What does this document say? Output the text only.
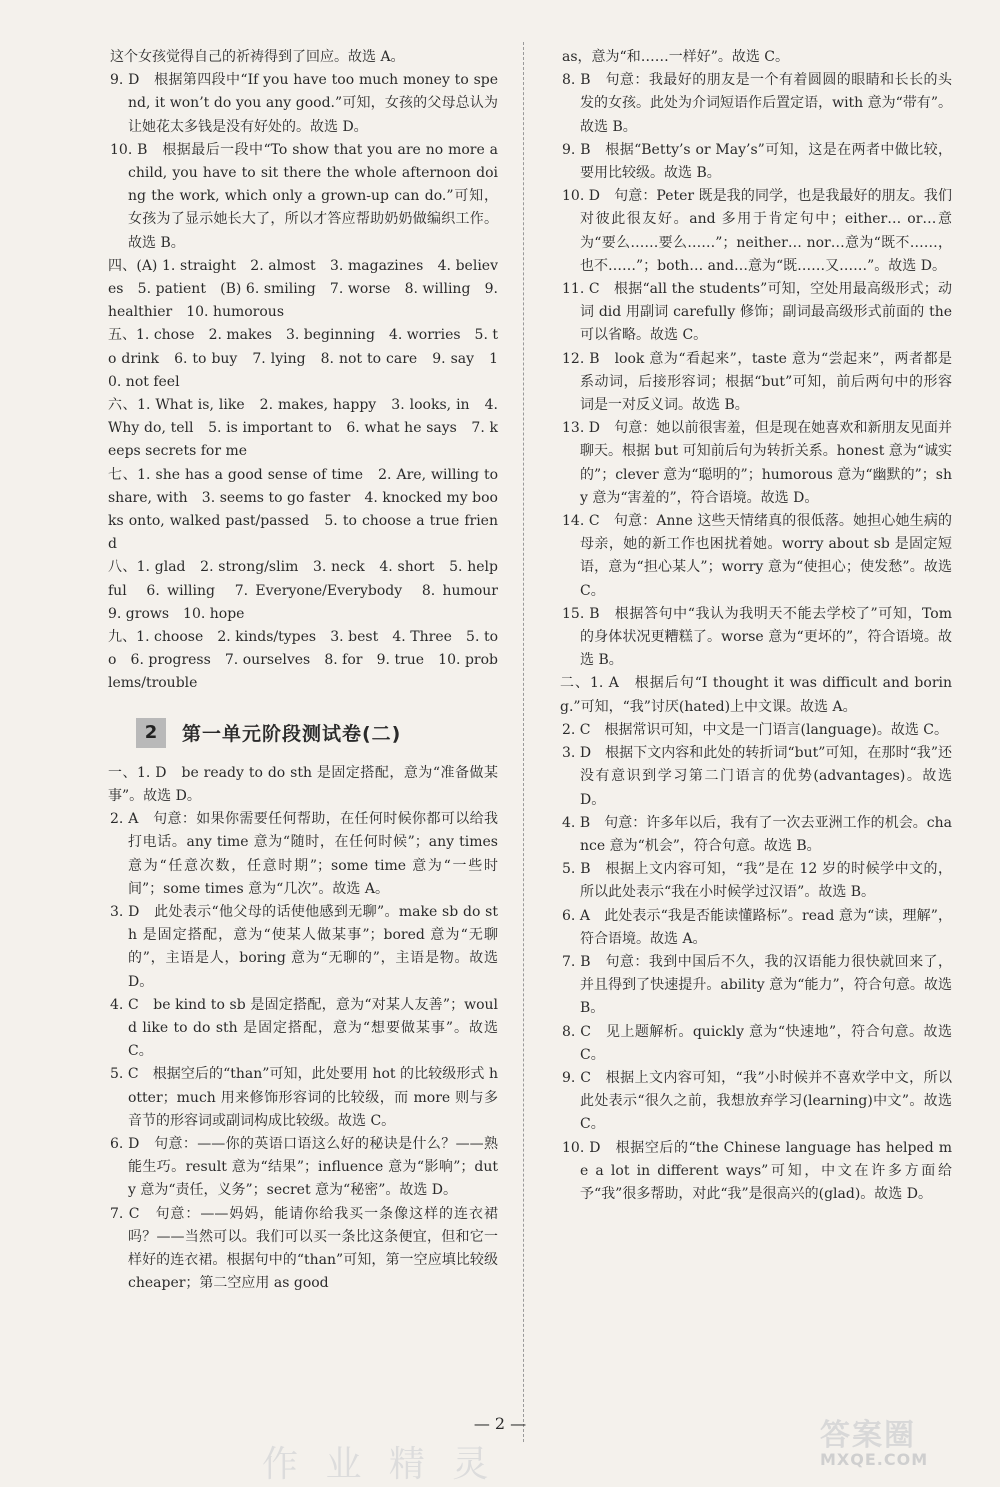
这个女孩觉得自己的祈祷得到了回应。故选 A。

9. D　根据第四段中“If you have too much money to spend, it won’t do you any good.”可知，女孩的父母总认为让她花太多钱是没有好处的。故选 D。

10. B　根据最后一段中“To show that you are no more a child, you have to sit there the whole afternoon doing the work, which only a grown-up can do.”可知，女孩为了显示她长大了，所以才答应帮助奶奶做编织工作。故选 B。

四、(A) 1. straight　2. almost　3. magazines　4. believes　5. patient　(B) 6. smiling　7. worse　8. willing　9. healthier　10. humorous

五、1. chose　2. makes　3. beginning　4. worries　5. to drink　6. to buy　7. lying　8. not to care　9. say　10. not feel

六、1. What is, like　2. makes, happy　3. looks, in　4. Why do, tell　5. is important to　6. what he says　7. keeps secrets for me

七、1. she has a good sense of time　2. Are, willing to share, with　3. seems to go faster　4. knocked my books onto, walked past/passed　5. to choose a true friend

八、1. glad　2. strong/slim　3. neck　4. short　5. helpful　6. willing　7. Everyone/Everybody　8. humour　9. grows　10. hope

九、1. choose　2. kinds/types　3. best　4. Three　5. too　6. progress　7. ourselves　8. for　9. true　10. problems/trouble

2	第一单元阶段测试卷(二)

一、1. D　be ready to do sth 是固定搭配，意为“准备做某事”。故选 D。

2. A　句意：如果你需要任何帮助，在任何时候你都可以给我打电话。any time 意为“随时，在任何时候”；any times 意为“任意次数，任意时期”；some time 意为“一些时间”；some times 意为“几次”。故选 A。

3. D　此处表示“他父母的话使他感到无聊”。make sb do sth 是固定搭配，意为“使某人做某事”；bored 意为“无聊的”，主语是人，boring 意为“无聊的”，主语是物。故选 D。

4. C　be kind to sb 是固定搭配，意为“对某人友善”；would like to do sth 是固定搭配，意为“想要做某事”。故选 C。

5. C　根据空后的“than”可知，此处要用 hot 的比较级形式 hotter；much 用来修饰形容词的比较级，而 more 则与多音节的形容词或副词构成比较级。故选 C。

6. D　句意：——你的英语口语这么好的秘诀是什么？——熟能生巧。result 意为“结果”；influence 意为“影响”；duty 意为“责任，义务”；secret 意为“秘密”。故选 D。

7. C　句意：——妈妈，能请你给我买一条像这样的连衣裙吗？——当然可以。我们可以买一条比这条便宜，但和它一样好的连衣裙。根据句中的“than”可知，第一空应填比较级 cheaper；第二空应用 as good

as，意为“和……一样好”。故选 C。

8. B　句意：我最好的朋友是一个有着圆圆的眼睛和长长的头发的女孩。此处为介词短语作后置定语，with 意为“带有”。故选 B。

9. B　根据“Betty’s or May’s”可知，这是在两者中做比较，要用比较级。故选 B。

10. D　句意：Peter 既是我的同学，也是我最好的朋友。我们对彼此很友好。and 多用于肯定句中；either… or…意为“要么……要么……”；neither… nor…意为“既不……，也不……”；both… and…意为“既……又……”。故选 D。

11. C　根据“all the students”可知，空处用最高级形式；动词 did 用副词 carefully 修饰；副词最高级形式前面的 the 可以省略。故选 C。

12. B　look 意为“看起来”，taste 意为“尝起来”，两者都是系动词，后接形容词；根据“but”可知，前后两句中的形容词是一对反义词。故选 B。

13. D　句意：她以前很害羞，但是现在她喜欢和新朋友见面并聊天。根据 but 可知前后句为转折关系。honest 意为“诚实的”；clever 意为“聪明的”；humorous 意为“幽默的”；shy 意为“害羞的”，符合语境。故选 D。

14. C　句意：Anne 这些天情绪真的很低落。她担心她生病的母亲，她的新工作也困扰着她。worry about sb 是固定短语，意为“担心某人”；worry 意为“使担心；使发愁”。故选 C。

15. B　根据答句中“我认为我明天不能去学校了”可知，Tom 的身体状况更糟糕了。worse 意为“更坏的”，符合语境。故选 B。

二、1. A　根据后句“I thought it was difficult and boring.”可知，“我”讨厌(hated)上中文课。故选 A。

2. C　根据常识可知，中文是一门语言(language)。故选 C。

3. D　根据下文内容和此处的转折词“but”可知，在那时“我”还没有意识到学习第二门语言的优势(advantages)。故选 D。

4. B　句意：许多年以后，我有了一次去亚洲工作的机会。chance 意为“机会”，符合句意。故选 B。

5. B　根据上文内容可知，“我”是在 12 岁的时候学中文的，所以此处表示“我在小时候学过汉语”。故选 B。

6. A　此处表示“我是否能读懂路标”。read 意为“读，理解”，符合语境。故选 A。

7. B　句意：我到中国后不久，我的汉语能力很快就回来了，并且得到了快速提升。ability 意为“能力”，符合句意。故选 B。

8. C　见上题解析。quickly 意为“快速地”，符合句意。故选 C。

9. C　根据上文内容可知，“我”小时候并不喜欢学中文，所以此处表示“很久之前，我想放弃学习(learning)中文”。故选 C。

10. D　根据空后的“the Chinese language has helped me a lot in different ways”可知，中文在许多方面给予“我”很多帮助，对此“我”是很高兴的(glad)。故选 D。

— 2 —
作 业 精 灵
答案圈
MXQE.COM
